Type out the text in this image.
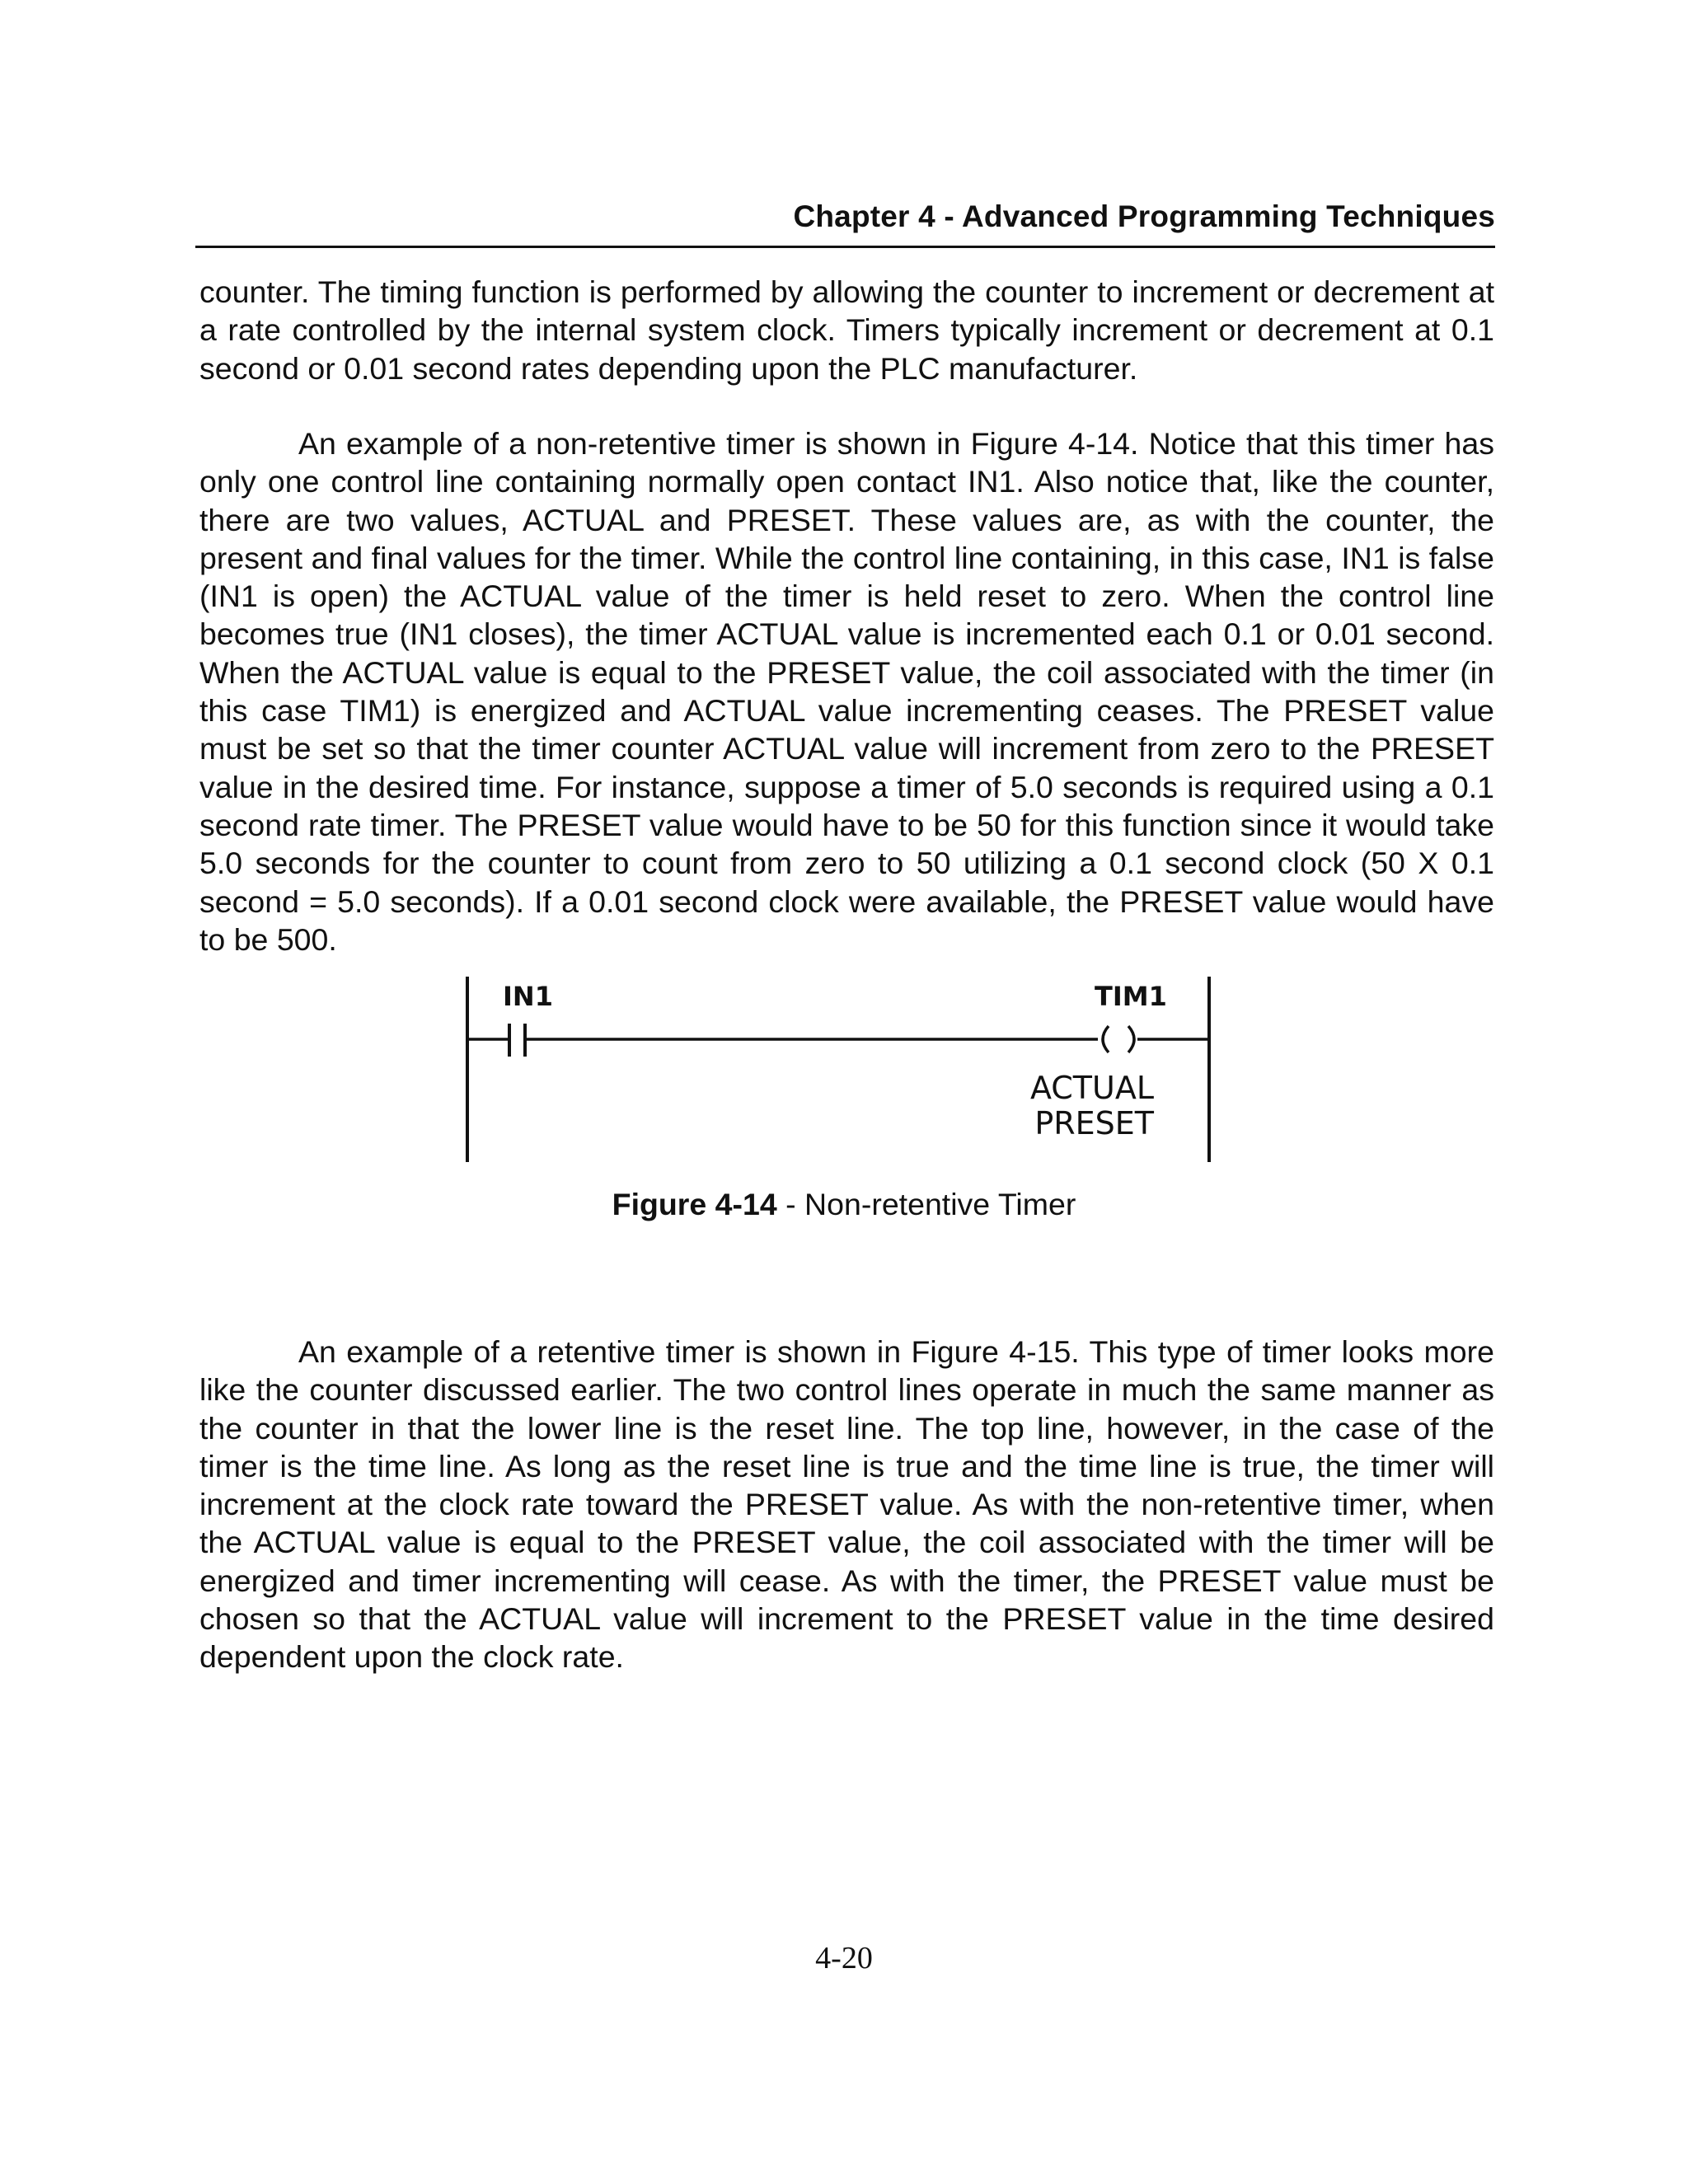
Chapter 4 - Advanced Programming Techniques

counter. The timing function is performed by allowing the counter to increment or decrement at a rate controlled by the internal system clock. Timers typically increment or decrement at 0.1 second or 0.01 second rates depending upon the PLC manufacturer.

An example of a non-retentive timer is shown in Figure 4-14. Notice that this timer has only one control line containing normally open contact IN1. Also notice that, like the counter, there are two values, ACTUAL and PRESET. These values are, as with the counter, the present and final values for the timer. While the control line containing, in this case, IN1 is false (IN1 is open) the ACTUAL value of the timer is held reset to zero. When the control line becomes true (IN1 closes), the timer ACTUAL value is incremented each 0.1 or 0.01 second. When the ACTUAL value is equal to the PRESET value, the coil associated with the timer (in this case TIM1) is energized and ACTUAL value incrementing ceases. The PRESET value must be set so that the timer counter ACTUAL value will increment from zero to the PRESET value in the desired time. For instance, suppose a timer of 5.0 seconds is required using a 0.1 second rate timer. The PRESET value would have to be 50 for this function since it would take 5.0 seconds for the counter to count from zero to 50 utilizing a 0.1 second clock (50 X 0.1 second = 5.0 seconds). If a 0.01 second clock were available, the PRESET value would have to be 500.

IN1	TIM1
ACTUAL
PRESET
Figure 4-14 - Non-retentive Timer

An example of a retentive timer is shown in Figure 4-15. This type of timer looks more like the counter discussed earlier. The two control lines operate in much the same manner as the counter in that the lower line is the reset line. The top line, however, in the case of the timer is the time line. As long as the reset line is true and the time line is true, the timer will increment at the clock rate toward the PRESET value. As with the non-retentive timer, when the ACTUAL value is equal to the PRESET value, the coil associated with the timer will be energized and timer incrementing will cease. As with the timer, the PRESET value must be chosen so that the ACTUAL value will increment to the PRESET value in the time desired dependent upon the clock rate.

4-20
